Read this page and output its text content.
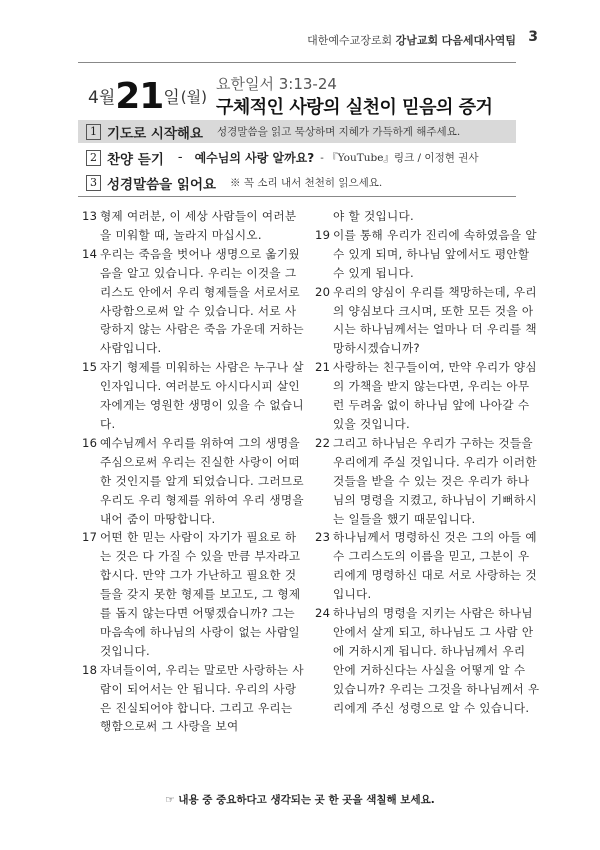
대한예수교장로회 강남교회 다음세대사역팀 3
4월 21 일 (월)
요한일서 3:13-24
구체적인 사랑의 실천이 믿음의 증거
1 기도로 시작해요 성경말씀을 읽고 묵상하며 지혜가 가득하게 해주세요.
2 찬양 듣기 - 예수님의 사랑 알까요? - 『YouTube』링크 / 이정현 권사
3 성경말씀을 읽어요 ※ 꼭 소리 내서 천천히 읽으세요.
13 형제 여러분, 이 세상 사람들이 여러분을 미워할 때, 놀라지 마십시오.
14 우리는 죽음을 벗어나 생명으로 옮기웠음을 알고 있습니다. 우리는 이것을 그리스도 안에서 우리 형제들을 서로서로 사랑함으로써 알 수 있습니다. 서로 사랑하지 않는 사람은 죽음 가운데 거하는 사람입니다.
15 자기 형제를 미워하는 사람은 누구나 살인자입니다. 여러분도 아시다시피 살인자에게는 영원한 생명이 있을 수 없습니다.
16 예수님께서 우리를 위하여 그의 생명을 주심으로써 우리는 진실한 사랑이 어떠한 것인지를 알게 되었습니다. 그러므로 우리도 우리 형제를 위하여 우리 생명을 내어 줌이 마땅합니다.
17 어떤 한 믿는 사람이 자기가 필요로 하는 것은 다 가질 수 있을 만큼 부자라고 합시다. 만약 그가 가난하고 필요한 것들을 갖지 못한 형제를 보고도, 그 형제를 돕지 않는다면 어떻겠습니까? 그는 마음속에 하나님의 사랑이 없는 사람일 것입니다.
18 자녀들이여, 우리는 말로만 사랑하는 사람이 되어서는 안 됩니다. 우리의 사랑은 진실되어야 합니다. 그리고 우리는 행함으로써 그 사랑을 보여
야 할 것입니다.
19 이를 통해 우리가 진리에 속하였음을 알 수 있게 되며, 하나님 앞에서도 평안할 수 있게 됩니다.
20 우리의 양심이 우리를 책망하는데, 우리의 양심보다 크시며, 또한 모든 것을 아시는 하나님께서는 얼마나 더 우리를 책망하시겠습니까?
21 사랑하는 친구들이여, 만약 우리가 양심의 가책을 받지 않는다면, 우리는 아무런 두려움 없이 하나님 앞에 나아갈 수 있을 것입니다.
22 그리고 하나님은 우리가 구하는 것들을 우리에게 주실 것입니다. 우리가 이러한 것들을 받을 수 있는 것은 우리가 하나님의 명령을 지켰고, 하나님이 기뻐하시는 일들을 했기 때문입니다.
23 하나님께서 명령하신 것은 그의 아들 예수 그리스도의 이름을 믿고, 그분이 우리에게 명령하신 대로 서로 사랑하는 것입니다.
24 하나님의 명령을 지키는 사람은 하나님 안에서 살게 되고, 하나님도 그 사람 안에 거하시게 됩니다. 하나님께서 우리 안에 거하신다는 사실을 어떻게 알 수 있습니까? 우리는 그것을 하나님께서 우리에게 주신 성령으로 알 수 있습니다.
☞ 내용 중 중요하다고 생각되는 곳 한 곳을 색칠해 보세요.
